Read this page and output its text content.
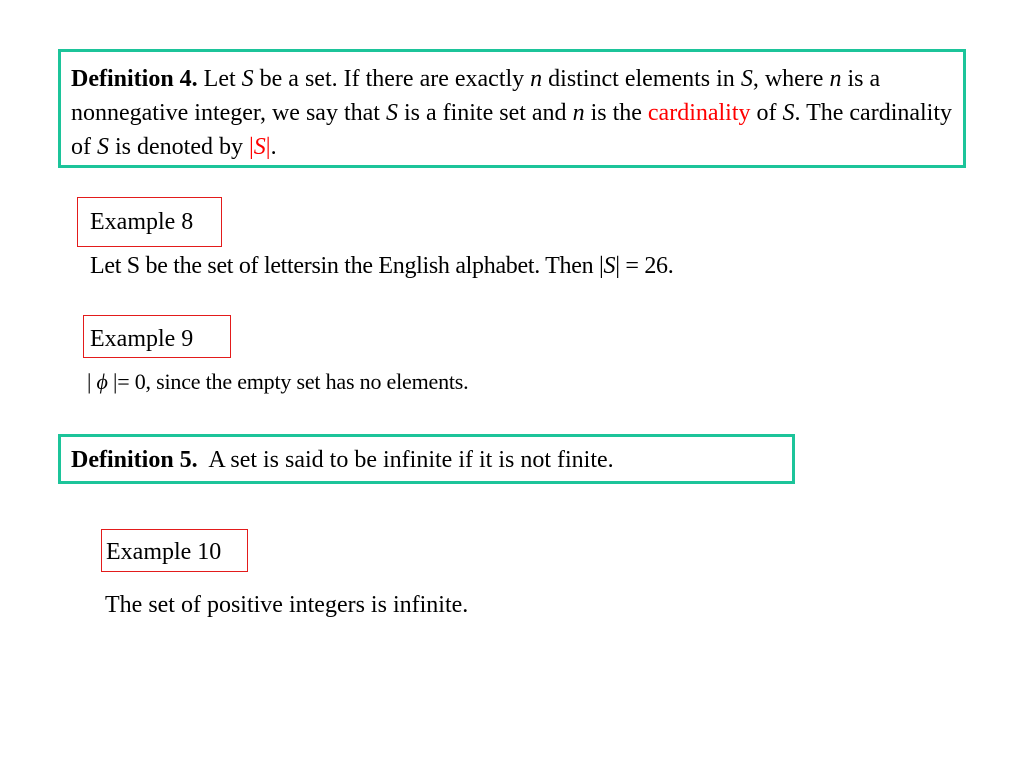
Definition 4. Let S be a set. If there are exactly n distinct elements in S, where n is a nonnegative integer, we say that S is a finite set and n is the cardinality of S. The cardinality of S is denoted by |S|.

Example 8
Let S be the set of lettersin the English alphabet. Then |S| = 26.
Example 9
| ϕ |= 0, since the empty set has no elements.

Definition 5.  A set is said to be infinite if it is not finite.

Example 10
The set of positive integers is infinite.
